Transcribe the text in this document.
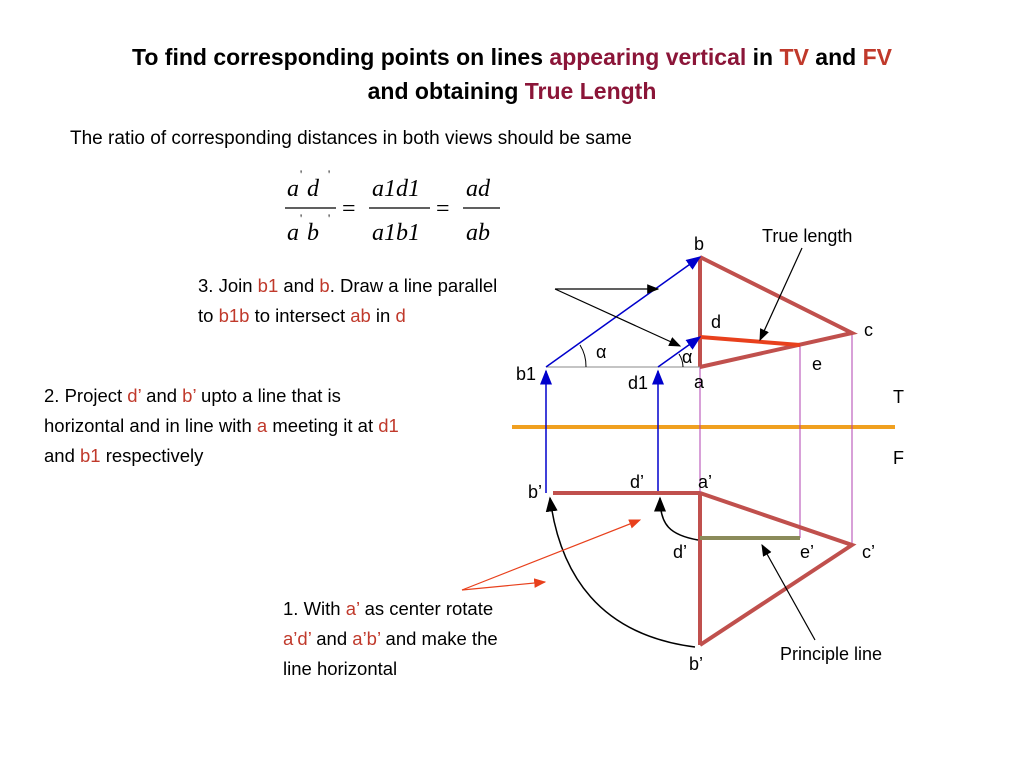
To find corresponding points on lines appearing vertical in TV and FV
and obtaining True Length
The ratio of corresponding distances in both views should be same
3. Join b1 and b. Draw a line parallel
to b1b to intersect ab in d
2. Project d’ and b’ upto a line that is
horizontal and in line with a meeting it at d1
and b1 respectively
1. With a’ as center rotate
a’d’ and a’b’ and make the
line horizontal
a
'
d
'
a
'
b
' =
a1d1
a1b1
=
ad
ab	True length
Principle line
b
c
d
e
a
b1	d1
α	α
T
F
b’	d’	a’
d’	e’	c’
b’
